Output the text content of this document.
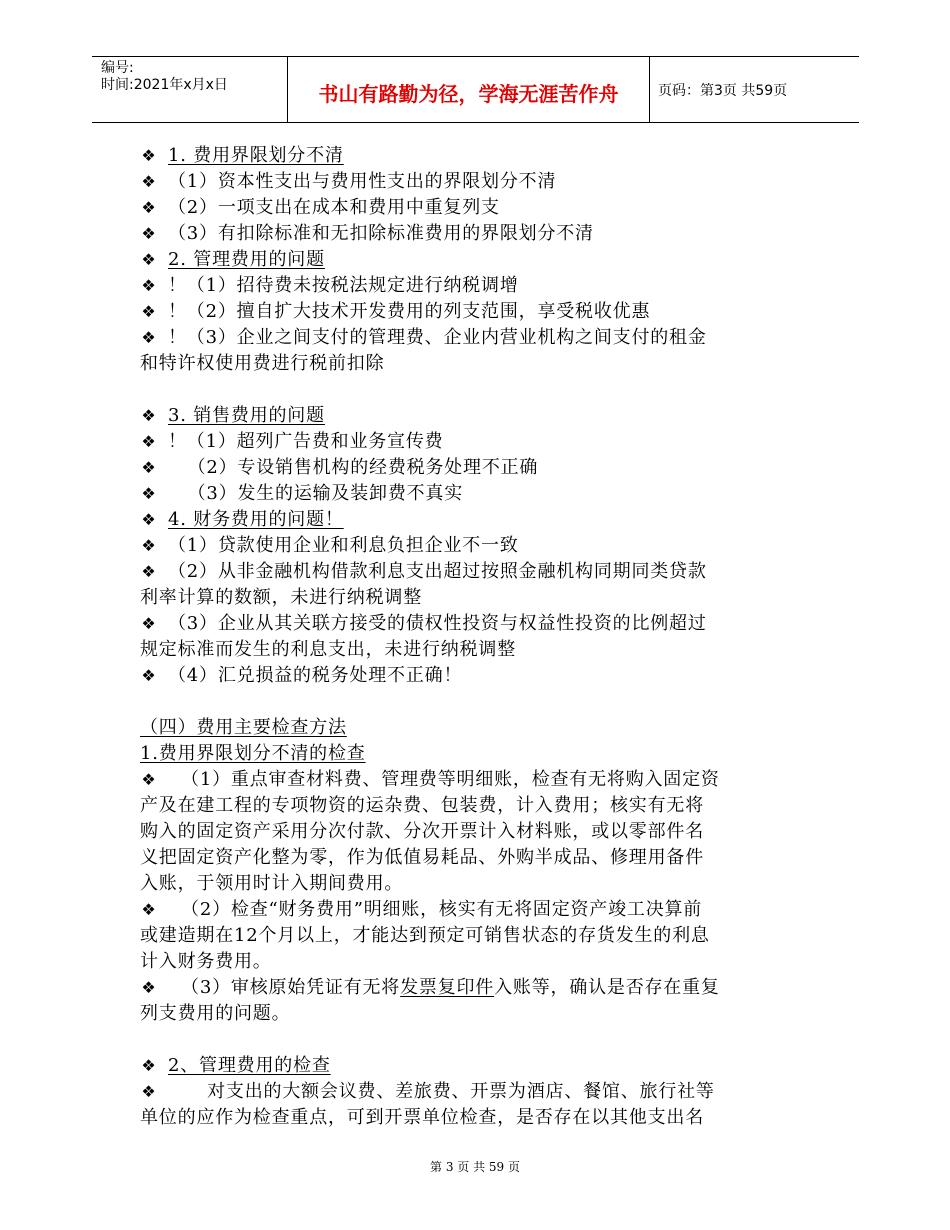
编号:
时间:2021年x月x日	书山有路勤为径，学海无涯苦作舟	页码：第3页 共59页
❖ 1. 费用界限划分不清
❖ （1）资本性支出与费用性支出的界限划分不清
❖ （2）一项支出在成本和费用中重复列支
❖ （3）有扣除标准和无扣除标准费用的界限划分不清
❖ 2. 管理费用的问题
❖ ！（1）招待费未按税法规定进行纳税调增
❖ ！（2）擅自扩大技术开发费用的列支范围，享受税收优惠
❖ ！（3）企业之间支付的管理费、企业内营业机构之间支付的租金
和特许权使用费进行税前扣除
❖ 3. 销售费用的问题
❖ ！（1）超列广告费和业务宣传费
❖   （2）专设销售机构的经费税务处理不正确
❖   （3）发生的运输及装卸费不真实
❖ 4. 财务费用的问题！
❖ （1）贷款使用企业和利息负担企业不一致
❖ （2）从非金融机构借款利息支出超过按照金融机构同期同类贷款
利率计算的数额，未进行纳税调整
❖ （3）企业从其关联方接受的债权性投资与权益性投资的比例超过
规定标准而发生的利息支出，未进行纳税调整
❖ （4）汇兑损益的税务处理不正确！
（四）费用主要检查方法
1.费用界限划分不清的检查
❖  （1）重点审查材料费、管理费等明细账，检查有无将购入固定资
产及在建工程的专项物资的运杂费、包装费，计入费用；核实有无将
购入的固定资产采用分次付款、分次开票计入材料账，或以零部件名
义把固定资产化整为零，作为低值易耗品、外购半成品、修理用备件
入账，于领用时计入期间费用。
❖  （2）检查“财务费用”明细账，核实有无将固定资产竣工决算前
或建造期在12个月以上，才能达到预定可销售状态的存货发生的利息
计入财务费用。
❖  （3）审核原始凭证有无将发票复印件入账等，确认是否存在重复
列支费用的问题。
❖ 2、管理费用的检查
❖      对支出的大额会议费、差旅费、开票为酒店、餐馆、旅行社等
单位的应作为检查重点，可到开票单位检查，是否存在以其他支出名
第 3 页 共 59 页
